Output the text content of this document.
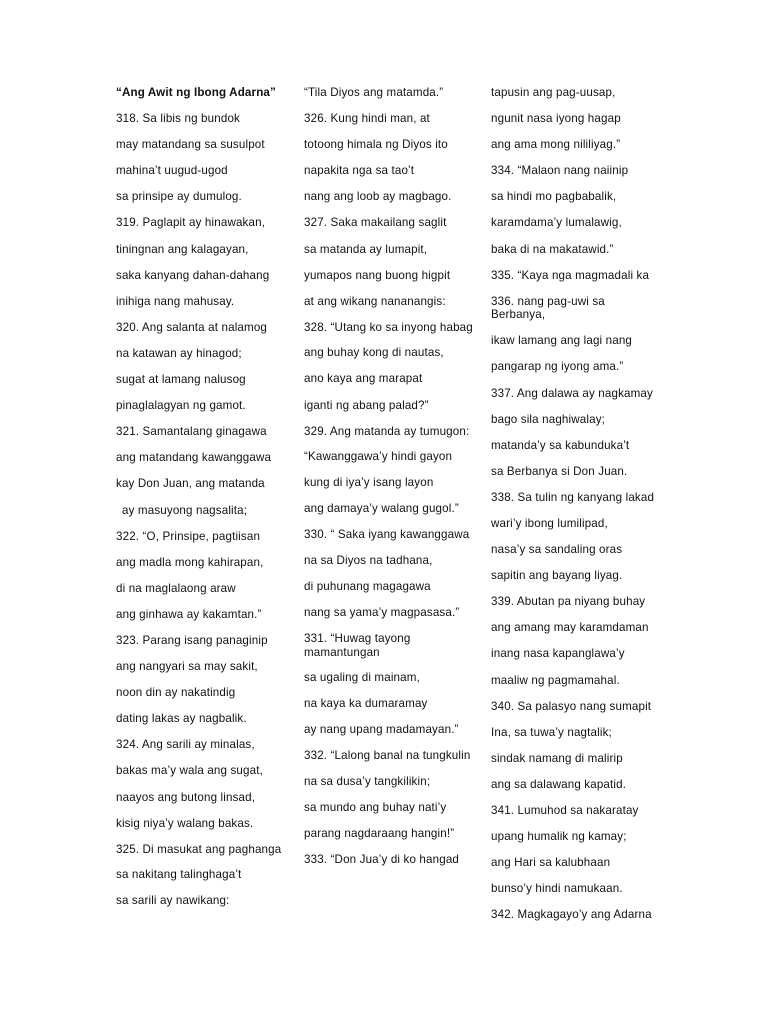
“Ang Awit ng Ibong Adarna”

318. Sa libis ng bundok

may matandang sa susulpot

mahina’t uugud-ugod

sa prinsipe ay dumulog.

319. Paglapit ay hinawakan,

tiningnan ang kalagayan,

saka kanyang dahan-dahang

inihiga nang mahusay.

320. Ang salanta at nalamog

na katawan ay hinagod;

sugat at lamang nalusog

pinaglalagyan ng gamot.

321. Samantalang ginagawa

ang matandang kawanggawa

kay Don Juan, ang matanda

ay masuyong nagsalita;

322. “O, Prinsipe, pagtiisan

ang madla mong kahirapan,

di na maglalaong araw

ang ginhawa ay kakamtan.”

323. Parang isang panaginip

ang nangyari sa may sakit,

noon din ay nakatindig

dating lakas ay nagbalik.

324. Ang sarili ay minalas,

bakas ma’y wala ang sugat,

naayos ang butong linsad,

kisig niya’y walang bakas.

325. Di masukat ang paghanga

sa nakitang talinghaga’t

sa sarili ay nawikang:

“Tila Diyos ang matamda.”

326. Kung hindi man, at

totoong himala ng Diyos ito

napakita nga sa tao’t

nang ang loob ay magbago.

327. Saka makailang saglit

sa matanda ay lumapit,

yumapos nang buong higpit

at ang wikang nananangis:

328. “Utang ko sa inyong habag

ang buhay kong di nautas,

ano kaya ang marapat

iganti ng abang palad?”

329. Ang matanda ay tumugon:

“Kawanggawa’y hindi gayon

kung di iya’y isang layon

ang damaya’y walang gugol.”

330. “ Saka iyang kawanggawa

na sa Diyos na tadhana,

di puhunang magagawa

nang sa yama’y magpasasa.”

331. “Huwag tayong mamantungan

sa ugaling di mainam,

na kaya ka dumaramay

ay nang upang madamayan.”

332. “Lalong banal na tungkulin

na sa dusa’y tangkilikin;

sa mundo ang buhay nati’y

parang nagdaraang hangin!”

333. “Don Jua’y di ko hangad

tapusin ang pag-uusap,

ngunit nasa iyong hagap

ang ama mong nililiyag.”

334. “Malaon nang naiinip

sa hindi mo pagbabalik,

karamdama’y lumalawig,

baka di na makatawid.”

335. “Kaya nga magmadali ka

336. nang pag-uwi sa Berbanya,

ikaw lamang ang lagi nang

pangarap ng iyong ama.”

337. Ang dalawa ay nagkamay

bago sila naghiwalay;

matanda’y sa kabunduka’t

sa Berbanya si Don Juan.

338. Sa tulin ng kanyang lakad

wari’y ibong lumilipad,

nasa’y sa sandaling oras

sapitin ang bayang liyag.

339. Abutan pa niyang buhay

ang amang may karamdaman

inang nasa kapanglawa’y

maaliw ng pagmamahal.

340. Sa palasyo nang sumapit

Ina, sa tuwa’y nagtalik;

sindak namang di malirip

ang sa dalawang kapatid.

341. Lumuhod sa nakaratay

upang humalik ng kamay;

ang Hari sa kalubhaan

bunso’y hindi namukaan.

342. Magkagayo’y ang Adarna
